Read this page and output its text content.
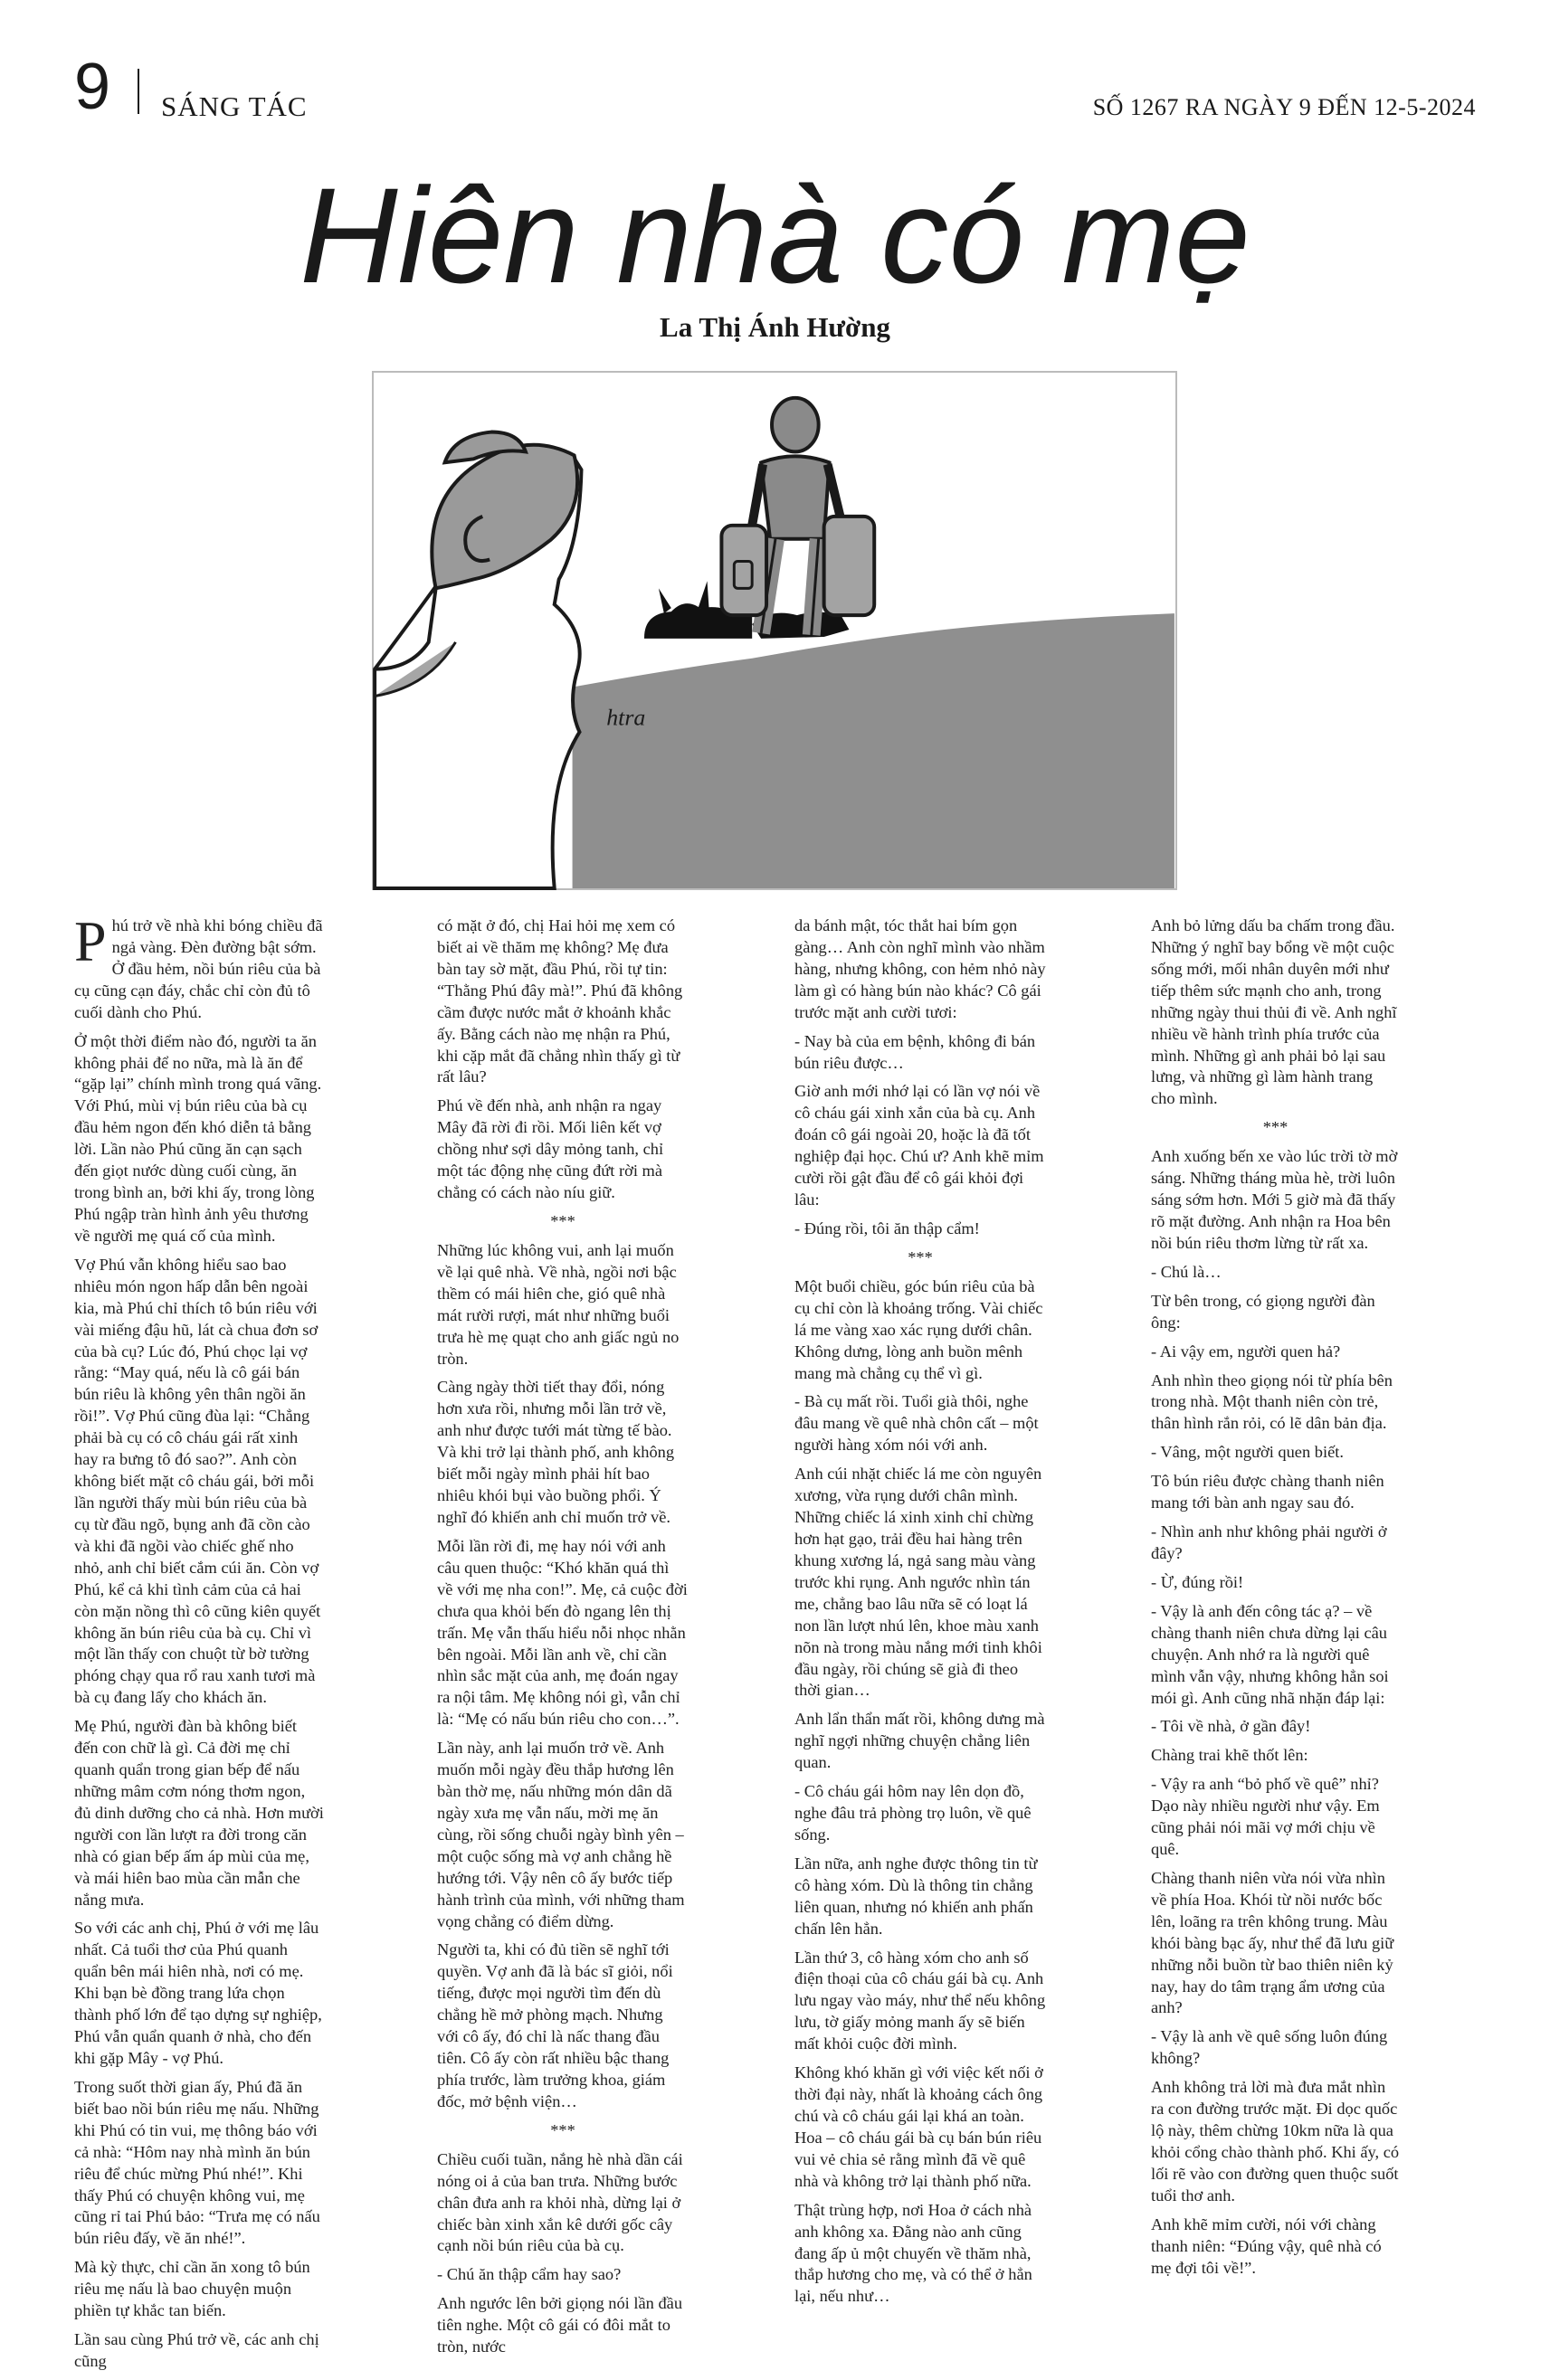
9 SÁNG TÁC	SỐ 1267 RA NGÀY 9 ĐẾN 12-5-2024
Hiên nhà có mẹ
La Thị Ánh Hường
htra

Phú trở về nhà khi bóng chiều đã ngả vàng. Đèn đường bật sớm. Ở đầu hẻm, nồi bún riêu của bà cụ cũng cạn đáy, chắc chỉ còn đủ tô cuối dành cho Phú.

Ở một thời điểm nào đó, người ta ăn không phải để no nữa, mà là ăn để “gặp lại” chính mình trong quá vãng. Với Phú, mùi vị bún riêu của bà cụ đầu hẻm ngon đến khó diễn tả bằng lời. Lần nào Phú cũng ăn cạn sạch đến giọt nước dùng cuối cùng, ăn trong bình an, bởi khi ấy, trong lòng Phú ngập tràn hình ảnh yêu thương về người mẹ quá cố của mình.

Vợ Phú vẫn không hiểu sao bao nhiêu món ngon hấp dẫn bên ngoài kia, mà Phú chỉ thích tô bún riêu với vài miếng đậu hũ, lát cà chua đơn sơ của bà cụ? Lúc đó, Phú chọc lại vợ rằng: “May quá, nếu là cô gái bán bún riêu là không yên thân ngồi ăn rồi!”. Vợ Phú cũng đùa lại: “Chẳng phải bà cụ có cô cháu gái rất xinh hay ra bưng tô đó sao?”. Anh còn không biết mặt cô cháu gái, bởi mỗi lần người thấy mùi bún riêu của bà cụ từ đầu ngõ, bụng anh đã cồn cào và khi đã ngồi vào chiếc ghế nho nhỏ, anh chỉ biết cắm cúi ăn. Còn vợ Phú, kể cả khi tình cảm của cả hai còn mặn nồng thì cô cũng kiên quyết không ăn bún riêu của bà cụ. Chỉ vì một lần thấy con chuột từ bờ tường phóng chạy qua rổ rau xanh tươi mà bà cụ đang lấy cho khách ăn.

Mẹ Phú, người đàn bà không biết đến con chữ là gì. Cả đời mẹ chỉ quanh quẩn trong gian bếp để nấu những mâm cơm nóng thơm ngon, đủ dinh dưỡng cho cả nhà. Hơn mười người con lần lượt ra đời trong căn nhà có gian bếp ấm áp mùi của mẹ, và mái hiên bao mùa cần mẫn che nắng mưa.

So với các anh chị, Phú ở với mẹ lâu nhất. Cả tuổi thơ của Phú quanh quẩn bên mái hiên nhà, nơi có mẹ. Khi bạn bè đồng trang lứa chọn thành phố lớn để tạo dựng sự nghiệp, Phú vẫn quẩn quanh ở nhà, cho đến khi gặp Mây - vợ Phú.

Trong suốt thời gian ấy, Phú đã ăn biết bao nồi bún riêu mẹ nấu. Những khi Phú có tin vui, mẹ thông báo với cả nhà: “Hôm nay nhà mình ăn bún riêu để chúc mừng Phú nhé!”. Khi thấy Phú có chuyện không vui, mẹ cũng rỉ tai Phú bảo: “Trưa mẹ có nấu bún riêu đấy, về ăn nhé!”.

Mà kỳ thực, chỉ cần ăn xong tô bún riêu mẹ nấu là bao chuyện muộn phiền tự khắc tan biến.

Lần sau cùng Phú trở về, các anh chị cũng

có mặt ở đó, chị Hai hỏi mẹ xem có biết ai về thăm mẹ không? Mẹ đưa bàn tay sờ mặt, đầu Phú, rồi tự tin: “Thằng Phú đây mà!”. Phú đã không cầm được nước mắt ở khoảnh khắc ấy. Bằng cách nào mẹ nhận ra Phú, khi cặp mắt đã chẳng nhìn thấy gì từ rất lâu?

Phú về đến nhà, anh nhận ra ngay Mây đã rời đi rồi. Mối liên kết vợ chồng như sợi dây mỏng tanh, chỉ một tác động nhẹ cũng đứt rời mà chẳng có cách nào níu giữ.

***

Những lúc không vui, anh lại muốn về lại quê nhà. Về nhà, ngồi nơi bậc thềm có mái hiên che, gió quê nhà mát rười rượi, mát như những buổi trưa hè mẹ quạt cho anh giấc ngủ no tròn.

Càng ngày thời tiết thay đổi, nóng hơn xưa rồi, nhưng mỗi lần trở về, anh như được tưới mát từng tế bào. Và khi trở lại thành phố, anh không biết mỗi ngày mình phải hít bao nhiêu khói bụi vào buồng phổi. Ý nghĩ đó khiến anh chỉ muốn trở về.

Mỗi lần rời đi, mẹ hay nói với anh câu quen thuộc: “Khó khăn quá thì về với mẹ nha con!”. Mẹ, cả cuộc đời chưa qua khỏi bến đò ngang lên thị trấn. Mẹ vẫn thấu hiểu nỗi nhọc nhằn bên ngoài. Mỗi lần anh về, chỉ cần nhìn sắc mặt của anh, mẹ đoán ngay ra nội tâm. Mẹ không nói gì, vẫn chỉ là: “Mẹ có nấu bún riêu cho con…”.

Lần này, anh lại muốn trở về. Anh muốn mỗi ngày đều thắp hương lên bàn thờ mẹ, nấu những món dân dã ngày xưa mẹ vẫn nấu, mời mẹ ăn cùng, rồi sống chuỗi ngày bình yên – một cuộc sống mà vợ anh chẳng hề hướng tới. Vậy nên cô ấy bước tiếp hành trình của mình, với những tham vọng chẳng có điểm dừng.

Người ta, khi có đủ tiền sẽ nghĩ tới quyền. Vợ anh đã là bác sĩ giỏi, nổi tiếng, được mọi người tìm đến dù chẳng hề mở phòng mạch. Nhưng với cô ấy, đó chỉ là nấc thang đầu tiên. Cô ấy còn rất nhiều bậc thang phía trước, làm trưởng khoa, giám đốc, mở bệnh viện…

***

Chiều cuối tuần, nắng hè nhà dần cái nóng oi ả của ban trưa. Những bước chân đưa anh ra khỏi nhà, dừng lại ở chiếc bàn xinh xắn kê dưới gốc cây cạnh nồi bún riêu của bà cụ.

- Chú ăn thập cẩm hay sao?

Anh ngước lên bởi giọng nói lần đầu tiên nghe. Một cô gái có đôi mắt to tròn, nước

da bánh mật, tóc thắt hai bím gọn gàng… Anh còn nghĩ mình vào nhầm hàng, nhưng không, con hẻm nhỏ này làm gì có hàng bún nào khác? Cô gái trước mặt anh cười tươi:

- Nay bà của em bệnh, không đi bán bún riêu được…

Giờ anh mới nhớ lại có lần vợ nói về cô cháu gái xinh xắn của bà cụ. Anh đoán cô gái ngoài 20, hoặc là đã tốt nghiệp đại học. Chú ư? Anh khẽ mỉm cười rồi gật đầu để cô gái khỏi đợi lâu:

- Đúng rồi, tôi ăn thập cẩm!

***

Một buổi chiều, góc bún riêu của bà cụ chỉ còn là khoảng trống. Vài chiếc lá me vàng xao xác rụng dưới chân. Không dưng, lòng anh buồn mênh mang mà chẳng cụ thể vì gì.

- Bà cụ mất rồi. Tuổi già thôi, nghe đâu mang về quê nhà chôn cất – một người hàng xóm nói với anh.

Anh cúi nhặt chiếc lá me còn nguyên xương, vừa rụng dưới chân mình. Những chiếc lá xinh xinh chỉ chừng hơn hạt gạo, trải đều hai hàng trên khung xương lá, ngả sang màu vàng trước khi rụng. Anh ngước nhìn tán me, chẳng bao lâu nữa sẽ có loạt lá non lần lượt nhú lên, khoe màu xanh nõn nà trong màu nắng mới tinh khôi đầu ngày, rồi chúng sẽ già đi theo thời gian…

Anh lẩn thẩn mất rồi, không dưng mà nghĩ ngợi những chuyện chẳng liên quan.

- Cô cháu gái hôm nay lên dọn đồ, nghe đâu trả phòng trọ luôn, về quê sống.

Lần nữa, anh nghe được thông tin từ cô hàng xóm. Dù là thông tin chẳng liên quan, nhưng nó khiến anh phấn chấn lên hẳn.

Lần thứ 3, cô hàng xóm cho anh số điện thoại của cô cháu gái bà cụ. Anh lưu ngay vào máy, như thể nếu không lưu, tờ giấy mỏng manh ấy sẽ biến mất khỏi cuộc đời mình.

Không khó khăn gì với việc kết nối ở thời đại này, nhất là khoảng cách ông chú và cô cháu gái lại khá an toàn. Hoa – cô cháu gái bà cụ bán bún riêu vui vẻ chia sẻ rằng mình đã về quê nhà và không trở lại thành phố nữa.

Thật trùng hợp, nơi Hoa ở cách nhà anh không xa. Đằng nào anh cũng đang ấp ủ một chuyến về thăm nhà, thắp hương cho mẹ, và có thể ở hẳn lại, nếu như…

Anh bỏ lửng dấu ba chấm trong đầu. Những ý nghĩ bay bổng về một cuộc sống mới, mối nhân duyên mới như tiếp thêm sức mạnh cho anh, trong những ngày thui thủi đi về. Anh nghĩ nhiều về hành trình phía trước của mình. Những gì anh phải bỏ lại sau lưng, và những gì làm hành trang cho mình.

***

Anh xuống bến xe vào lúc trời tờ mờ sáng. Những tháng mùa hè, trời luôn sáng sớm hơn. Mới 5 giờ mà đã thấy rõ mặt đường. Anh nhận ra Hoa bên nồi bún riêu thơm lừng từ rất xa.

- Chú là…

Từ bên trong, có giọng người đàn ông:

- Ai vậy em, người quen hả?

Anh nhìn theo giọng nói từ phía bên trong nhà. Một thanh niên còn trẻ, thân hình rắn rỏi, có lẽ dân bản địa.

- Vâng, một người quen biết.

Tô bún riêu được chàng thanh niên mang tới bàn anh ngay sau đó.

- Nhìn anh như không phải người ở đây?

- Ừ, đúng rồi!

- Vậy là anh đến công tác ạ? – về chàng thanh niên chưa dừng lại câu chuyện. Anh nhớ ra là người quê mình vẫn vậy, nhưng không hẳn soi mói gì. Anh cũng nhã nhặn đáp lại:

- Tôi về nhà, ở gần đây!

Chàng trai khẽ thốt lên:

- Vậy ra anh “bỏ phố về quê” nhỉ? Dạo này nhiều người như vậy. Em cũng phải nói mãi vợ mới chịu về quê.

Chàng thanh niên vừa nói vừa nhìn về phía Hoa. Khói từ nồi nước bốc lên, loãng ra trên không trung. Màu khói bàng bạc ấy, như thể đã lưu giữ những nỗi buồn từ bao thiên niên kỷ nay, hay do tâm trạng ẩm ương của anh?

- Vậy là anh về quê sống luôn đúng không?

Anh không trả lời mà đưa mắt nhìn ra con đường trước mặt. Đi dọc quốc lộ này, thêm chừng 10km nữa là qua khỏi cổng chào thành phố. Khi ấy, có lối rẽ vào con đường quen thuộc suốt tuổi thơ anh.

Anh khẽ mỉm cười, nói với chàng thanh niên: “Đúng vậy, quê nhà có mẹ đợi tôi về!”.
